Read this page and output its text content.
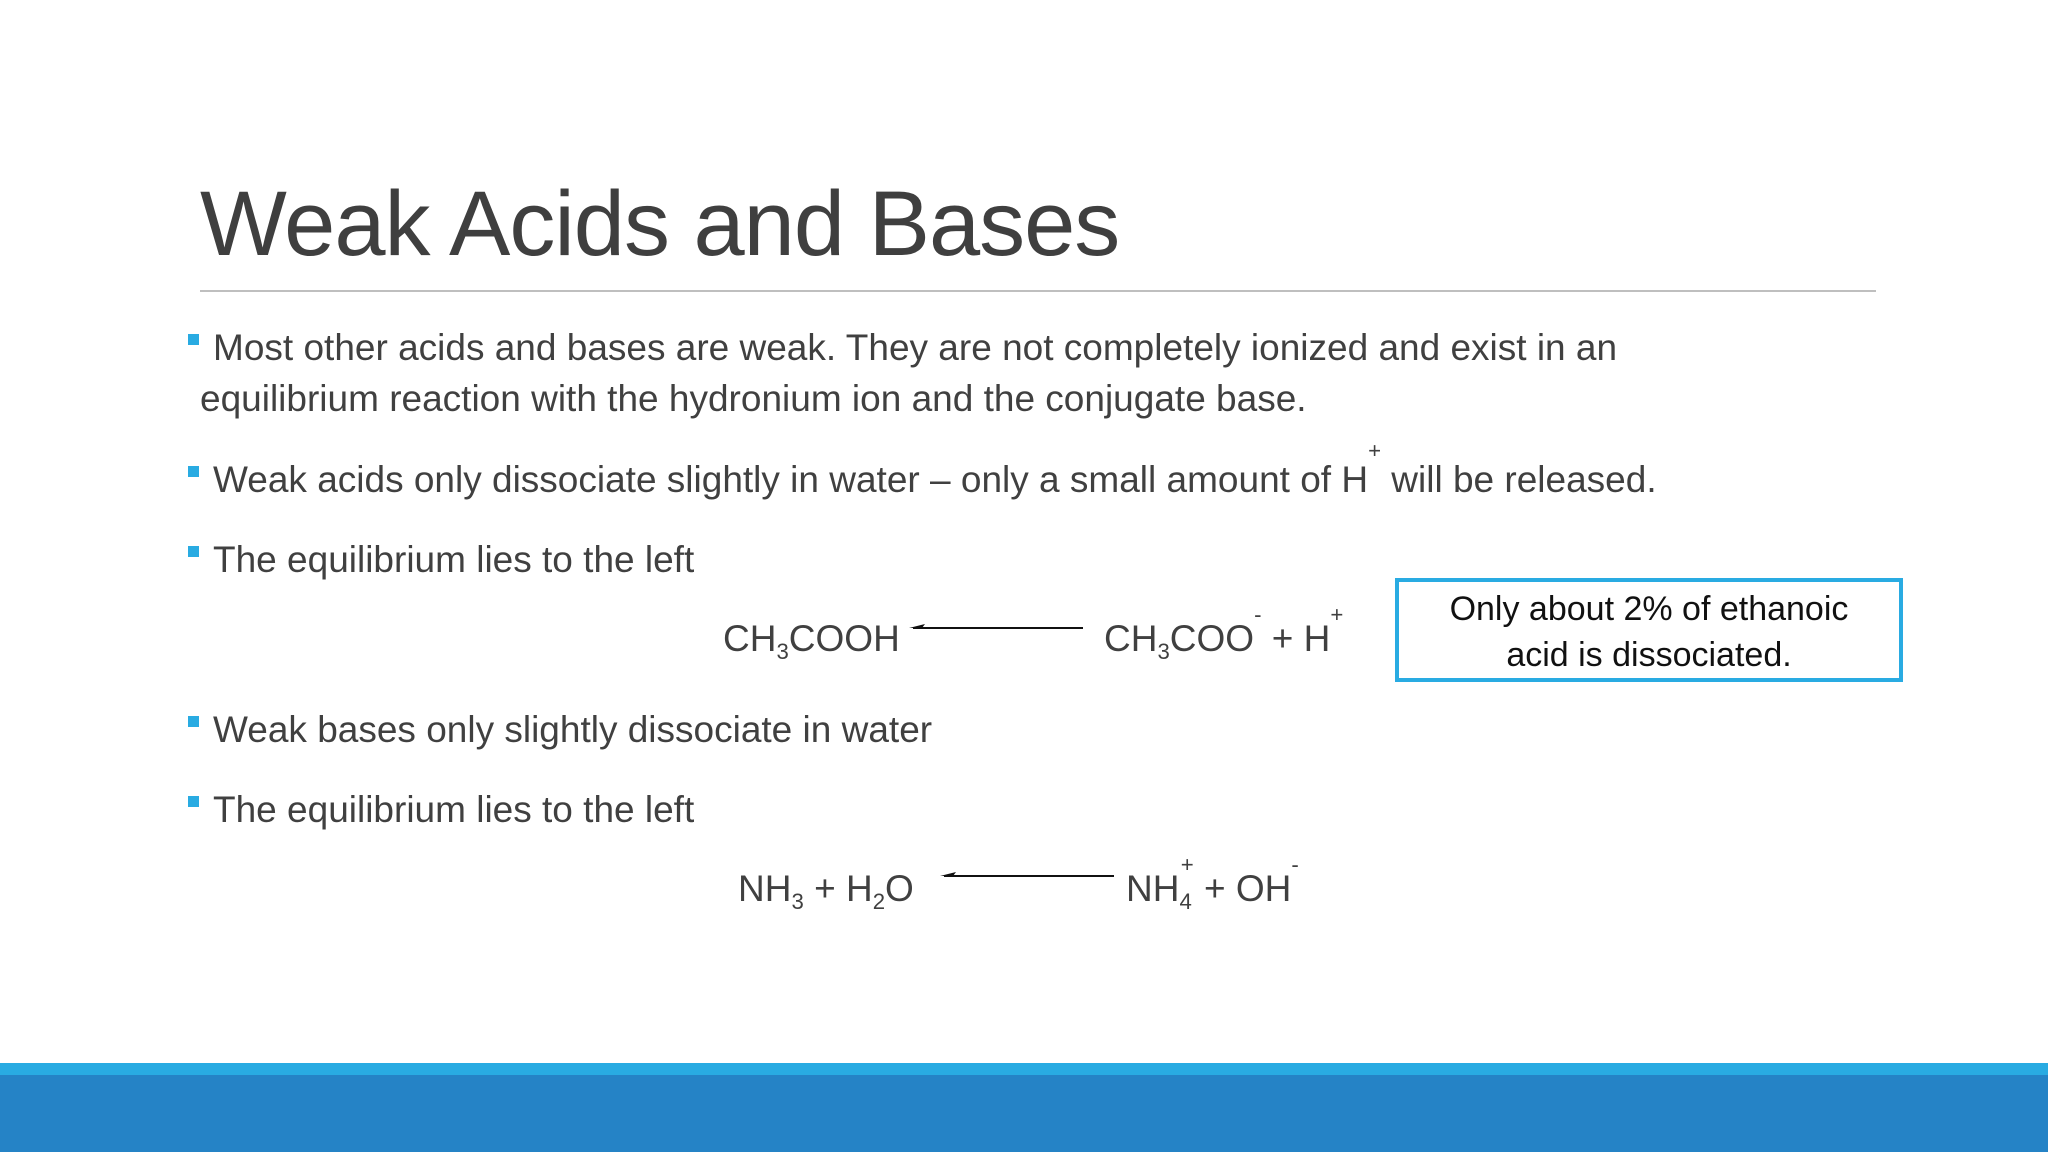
Weak Acids and Bases
Most other acids and bases are weak. They are not completely ionized and exist in an
equilibrium reaction with the hydronium ion and the conjugate base.
Weak acids only dissociate slightly in water – only a small amount of H+ will be released.
The equilibrium lies to the left
$CH_3COOH$	$CH_3COO^- + H^+$	Only about 2% of ethanoic
acid is dissociated.
Weak bases only slightly dissociate in water
The equilibrium lies to the left
$NH_3 + H_2O$	$NH_4^+ + OH^-$
